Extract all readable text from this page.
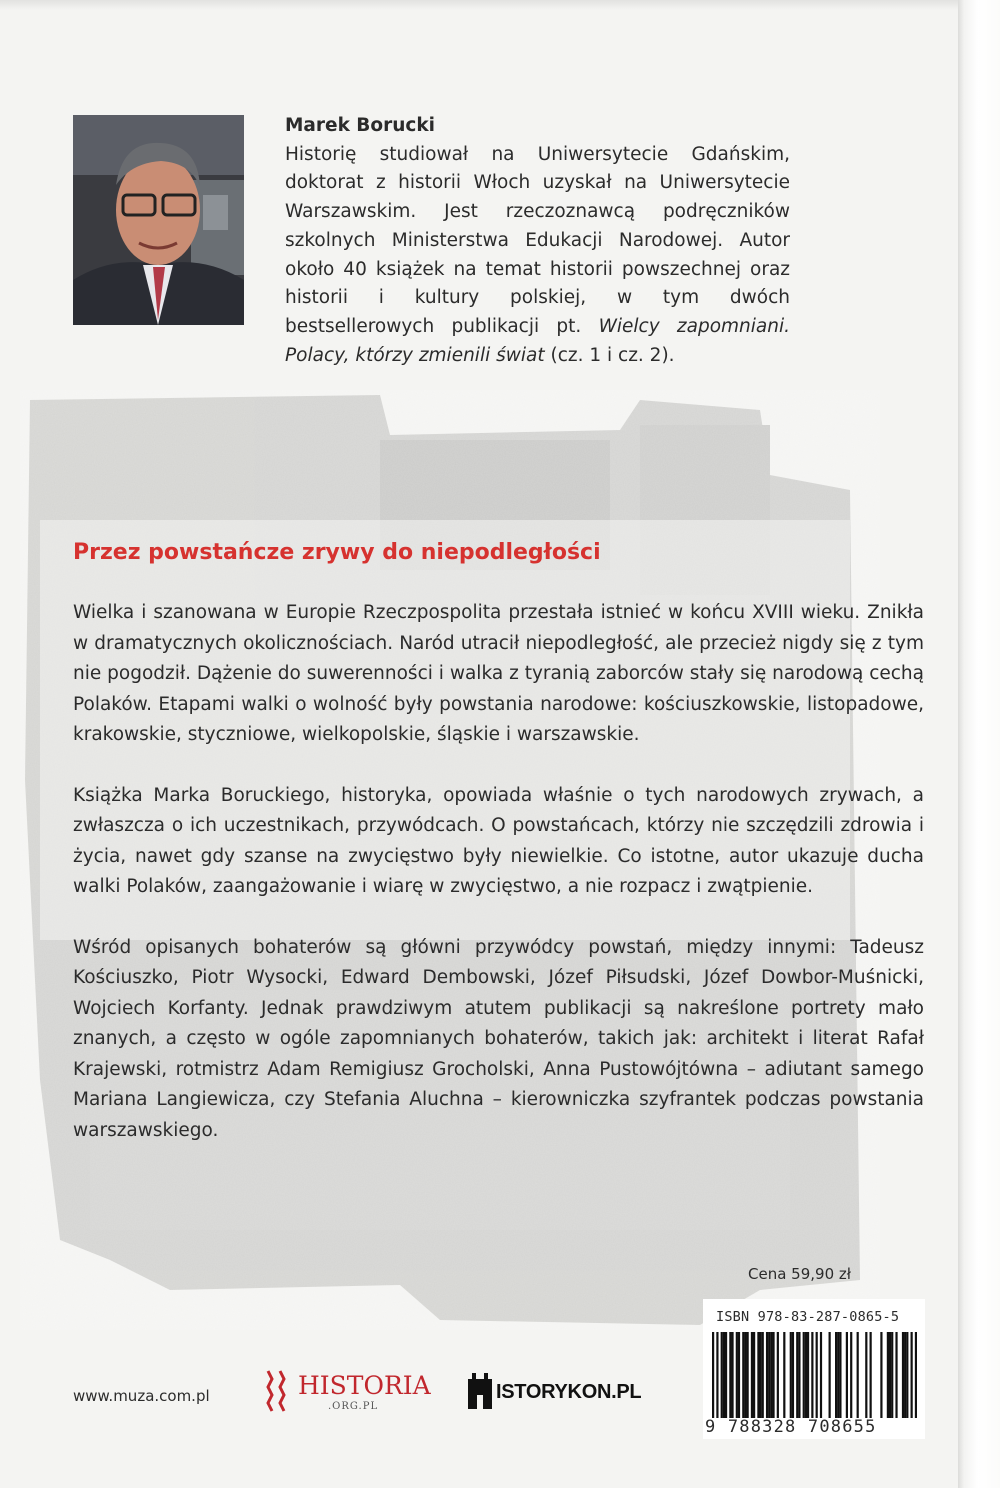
Marek Borucki

Historię studiował na Uniwersytecie Gdańskim, doktorat z historii Włoch uzyskał na Uniwersytecie Warszawskim. Jest rzeczoznawcą podręczników szkolnych Ministerstwa Edukacji Narodowej. Autor około 40 książek na temat historii powszechnej oraz historii i kultury polskiej, w tym dwóch bestsellerowych publikacji pt. Wielcy zapomniani. Polacy, którzy zmienili świat (cz. 1 i cz. 2).

Przez powstańcze zrywy do niepodległości

Wielka i szanowana w Europie Rzeczpospolita przestała istnieć w końcu XVIII wieku. Znikła w dramatycznych okolicznościach. Naród utracił niepodległość, ale przecież nigdy się z tym nie pogodził. Dążenie do suwerenności i walka z tyranią zaborców stały się narodową cechą Polaków. Etapami walki o wolność były powstania narodowe: kościuszkowskie, listopadowe, krakowskie, styczniowe, wielkopolskie, śląskie i warszawskie.

Książka Marka Boruckiego, historyka, opowiada właśnie o tych narodowych zrywach, a zwłaszcza o ich uczestnikach, przywódcach. O powstańcach, którzy nie szczędzili zdrowia i życia, nawet gdy szanse na zwycięstwo były niewielkie. Co istotne, autor ukazuje ducha walki Polaków, zaangażowanie i wiarę w zwycięstwo, a nie rozpacz i zwątpienie.

Wśród opisanych bohaterów są główni przywódcy powstań, między innymi: Tadeusz Kościuszko, Piotr Wysocki, Edward Dembowski, Józef Piłsudski, Józef Dowbor-Muśnicki, Wojciech Korfanty. Jednak prawdziwym atutem publikacji są nakreślone portrety mało znanych, a często w ogóle zapomnianych bohaterów, takich jak: architekt i literat Rafał Krajewski, rotmistrz Adam Remigiusz Grocholski, Anna Pustowójtówna – adiutant samego Mariana Langiewicza, czy Stefania Aluchna – kierowniczka szyfrantek podczas powstania warszawskiego.

Cena 59,90 zł
ISBN 978-83-287-0865-5
9 788328 708655
www.muza.com.pl	HISTORIA
.ORG.PL
ISTORYKON.PL
